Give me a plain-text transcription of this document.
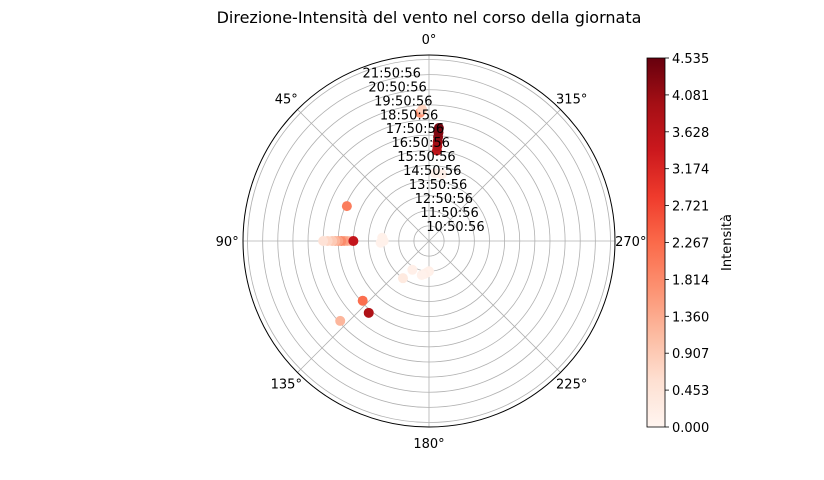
Direzione-Intensità del vento nel corso della giornata
10:50:56
11:50:56
12:50:56
13:50:56
14:50:56
15:50:56
16:50:56
17:50:56
18:50:56
19:50:56
20:50:56
21:50:56
0°
45°
90°
135°
180°
225°
270°
315°
0.000
0.453
0.907
1.360
1.814
2.267
2.721
3.174
3.628
4.081
4.535
Intensità
